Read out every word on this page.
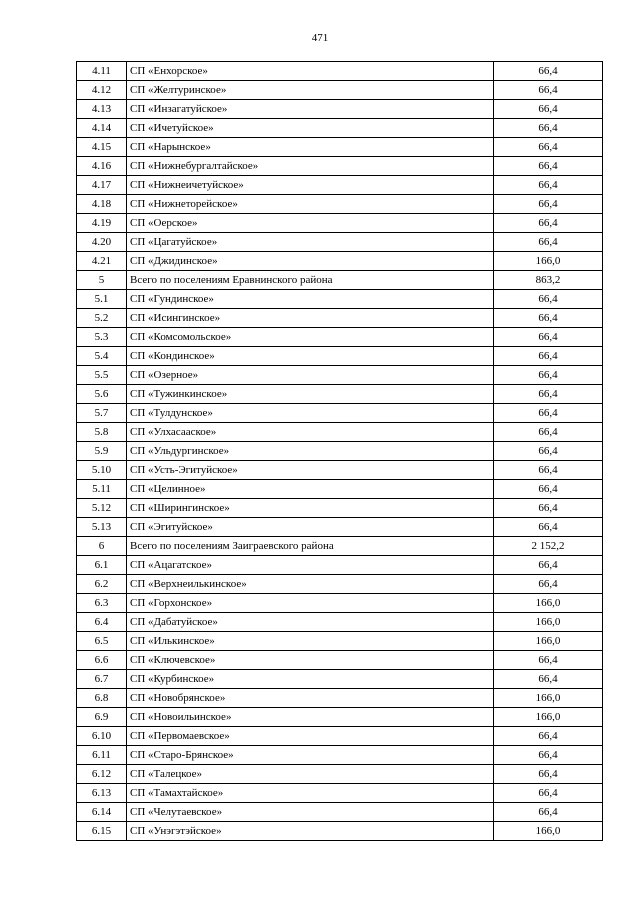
471
4.11	СП «Енхорское»	66,4
4.12	СП «Желтуринское»	66,4
4.13	СП «Инзагатуйское»	66,4
4.14	СП «Ичетуйское»	66,4
4.15	СП «Нарынское»	66,4
4.16	СП «Нижнебургалтайское»	66,4
4.17	СП «Нижнеичетуйское»	66,4
4.18	СП «Нижнеторейское»	66,4
4.19	СП «Оерское»	66,4
4.20	СП «Цагатуйское»	66,4
4.21	СП «Джидинское»	166,0
5	Всего по поселениям Еравнинского района	863,2
5.1	СП «Гундинское»	66,4
5.2	СП «Исингинское»	66,4
5.3	СП «Комсомольское»	66,4
5.4	СП «Кондинское»	66,4
5.5	СП «Озерное»	66,4
5.6	СП «Тужинкинское»	66,4
5.7	СП «Тулдунское»	66,4
5.8	СП «Улхасаaское»	66,4
5.9	СП «Ульдургинское»	66,4
5.10	СП «Усть-Эгитуйское»	66,4
5.11	СП «Целинное»	66,4
5.12	СП «Ширингинское»	66,4
5.13	СП «Эгитуйское»	66,4
6	Всего по поселениям Заиграевского района	2 152,2
6.1	СП «Ацагатское»	66,4
6.2	СП «Верхнеилькинское»	66,4
6.3	СП «Горхонское»	166,0
6.4	СП «Дабатуйское»	166,0
6.5	СП «Илькинское»	166,0
6.6	СП «Ключевское»	66,4
6.7	СП «Курбинское»	66,4
6.8	СП «Новобрянское»	166,0
6.9	СП «Новоильинское»	166,0
6.10	СП «Первомаевское»	66,4
6.11	СП «Старо-Брянское»	66,4
6.12	СП «Талецкое»	66,4
6.13	СП «Тамахтайское»	66,4
6.14	СП «Челутаевское»	66,4
6.15	СП «Унэгэтэйское»	166,0
